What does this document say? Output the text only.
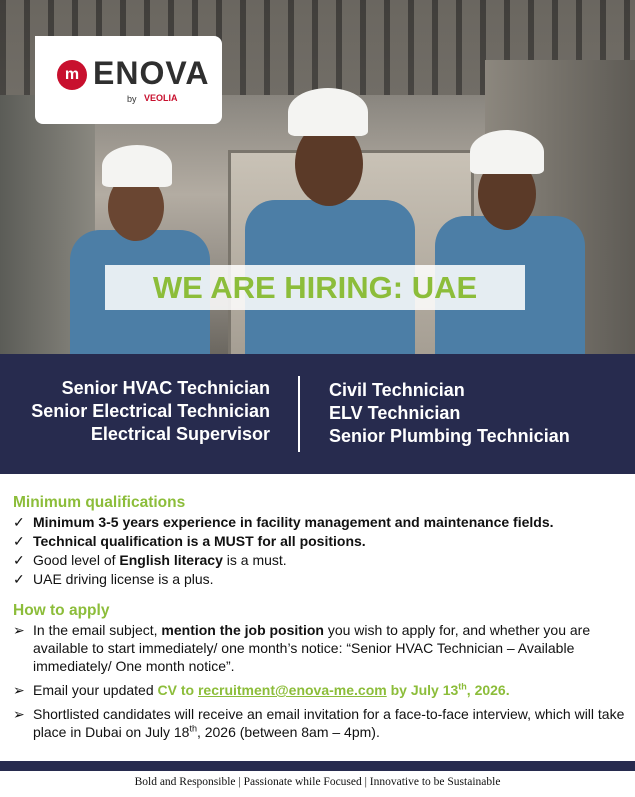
m ENOVA
by VEOLIA
WE ARE HIRING: UAE
Senior HVAC Technician
Senior Electrical Technician
Electrical Supervisor
Civil Technician
ELV Technician
Senior Plumbing Technician
Minimum qualifications
✓ Minimum 3-5 years experience in facility management and maintenance fields.
✓ Technical qualification is a MUST for all positions.
✓ Good level of English literacy is a must.
✓ UAE driving license is a plus.
How to apply
➢ In the email subject, mention the job position you wish to apply for, and whether you are available to start immediately/ one month’s notice: “Senior HVAC Technician – Available immediately/ One month notice”.
➢ Email your updated CV to recruitment@enova-me.com by July 13th, 2026.
➢ Shortlisted candidates will receive an email invitation for a face-to-face interview, which will take place in Dubai on July 18th, 2026 (between 8am – 4pm).
Bold and Responsible | Passionate while Focused | Innovative to be Sustainable
